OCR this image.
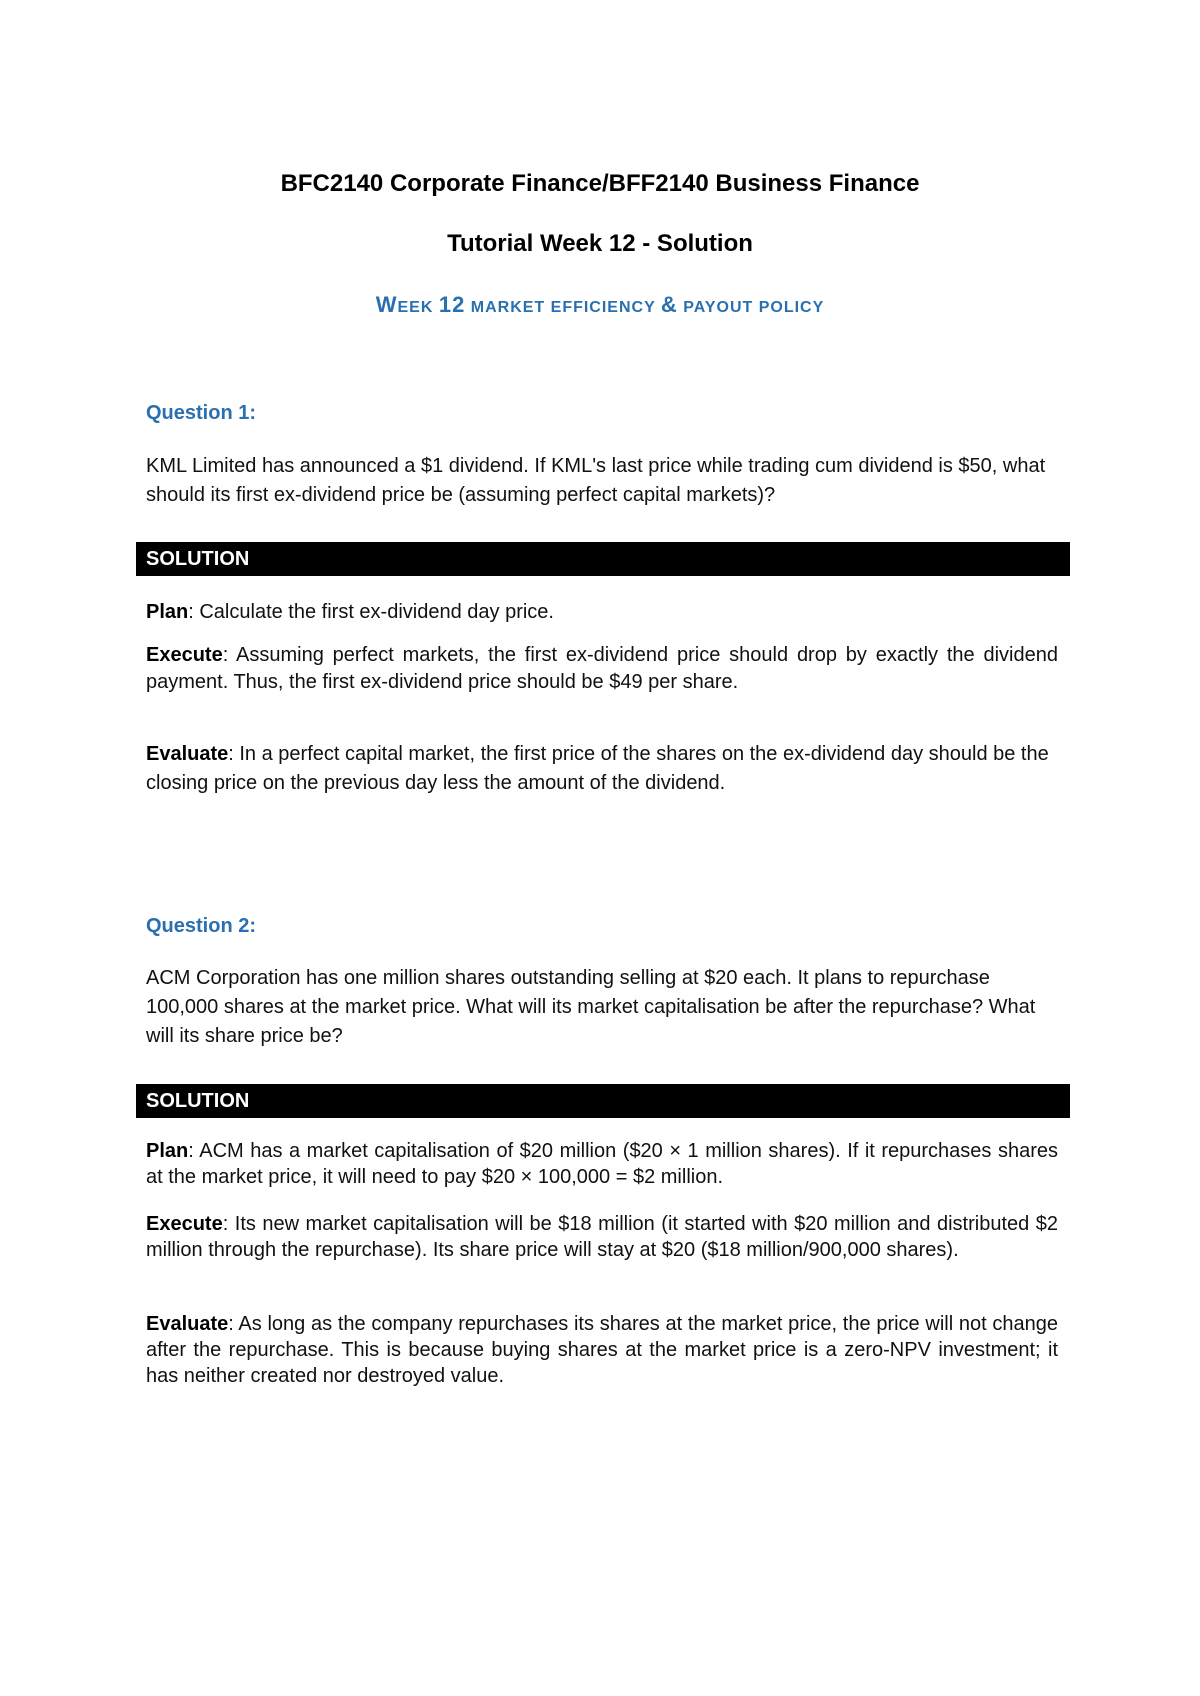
BFC2140 Corporate Finance/BFF2140 Business Finance
Tutorial Week 12 - Solution
WEEK 12 MARKET EFFICIENCY & PAYOUT POLICY
Question 1:
KML Limited has announced a $1 dividend. If KML's last price while trading cum dividend is $50, what should its first ex-dividend price be (assuming perfect capital markets)?
SOLUTION
Plan: Calculate the first ex-dividend day price.
Execute: Assuming perfect markets, the first ex-dividend price should drop by exactly the dividend payment. Thus, the first ex-dividend price should be $49 per share.
Evaluate: In a perfect capital market, the first price of the shares on the ex-dividend day should be the closing price on the previous day less the amount of the dividend.
Question 2:
ACM Corporation has one million shares outstanding selling at $20 each. It plans to repurchase 100,000 shares at the market price. What will its market capitalisation be after the repurchase? What will its share price be?
SOLUTION
Plan: ACM has a market capitalisation of $20 million ($20 × 1 million shares). If it repurchases shares at the market price, it will need to pay $20 × 100,000 = $2 million.
Execute: Its new market capitalisation will be $18 million (it started with $20 million and distributed $2 million through the repurchase). Its share price will stay at $20 ($18 million/900,000 shares).
Evaluate: As long as the company repurchases its shares at the market price, the price will not change after the repurchase. This is because buying shares at the market price is a zero-NPV investment; it has neither created nor destroyed value.
